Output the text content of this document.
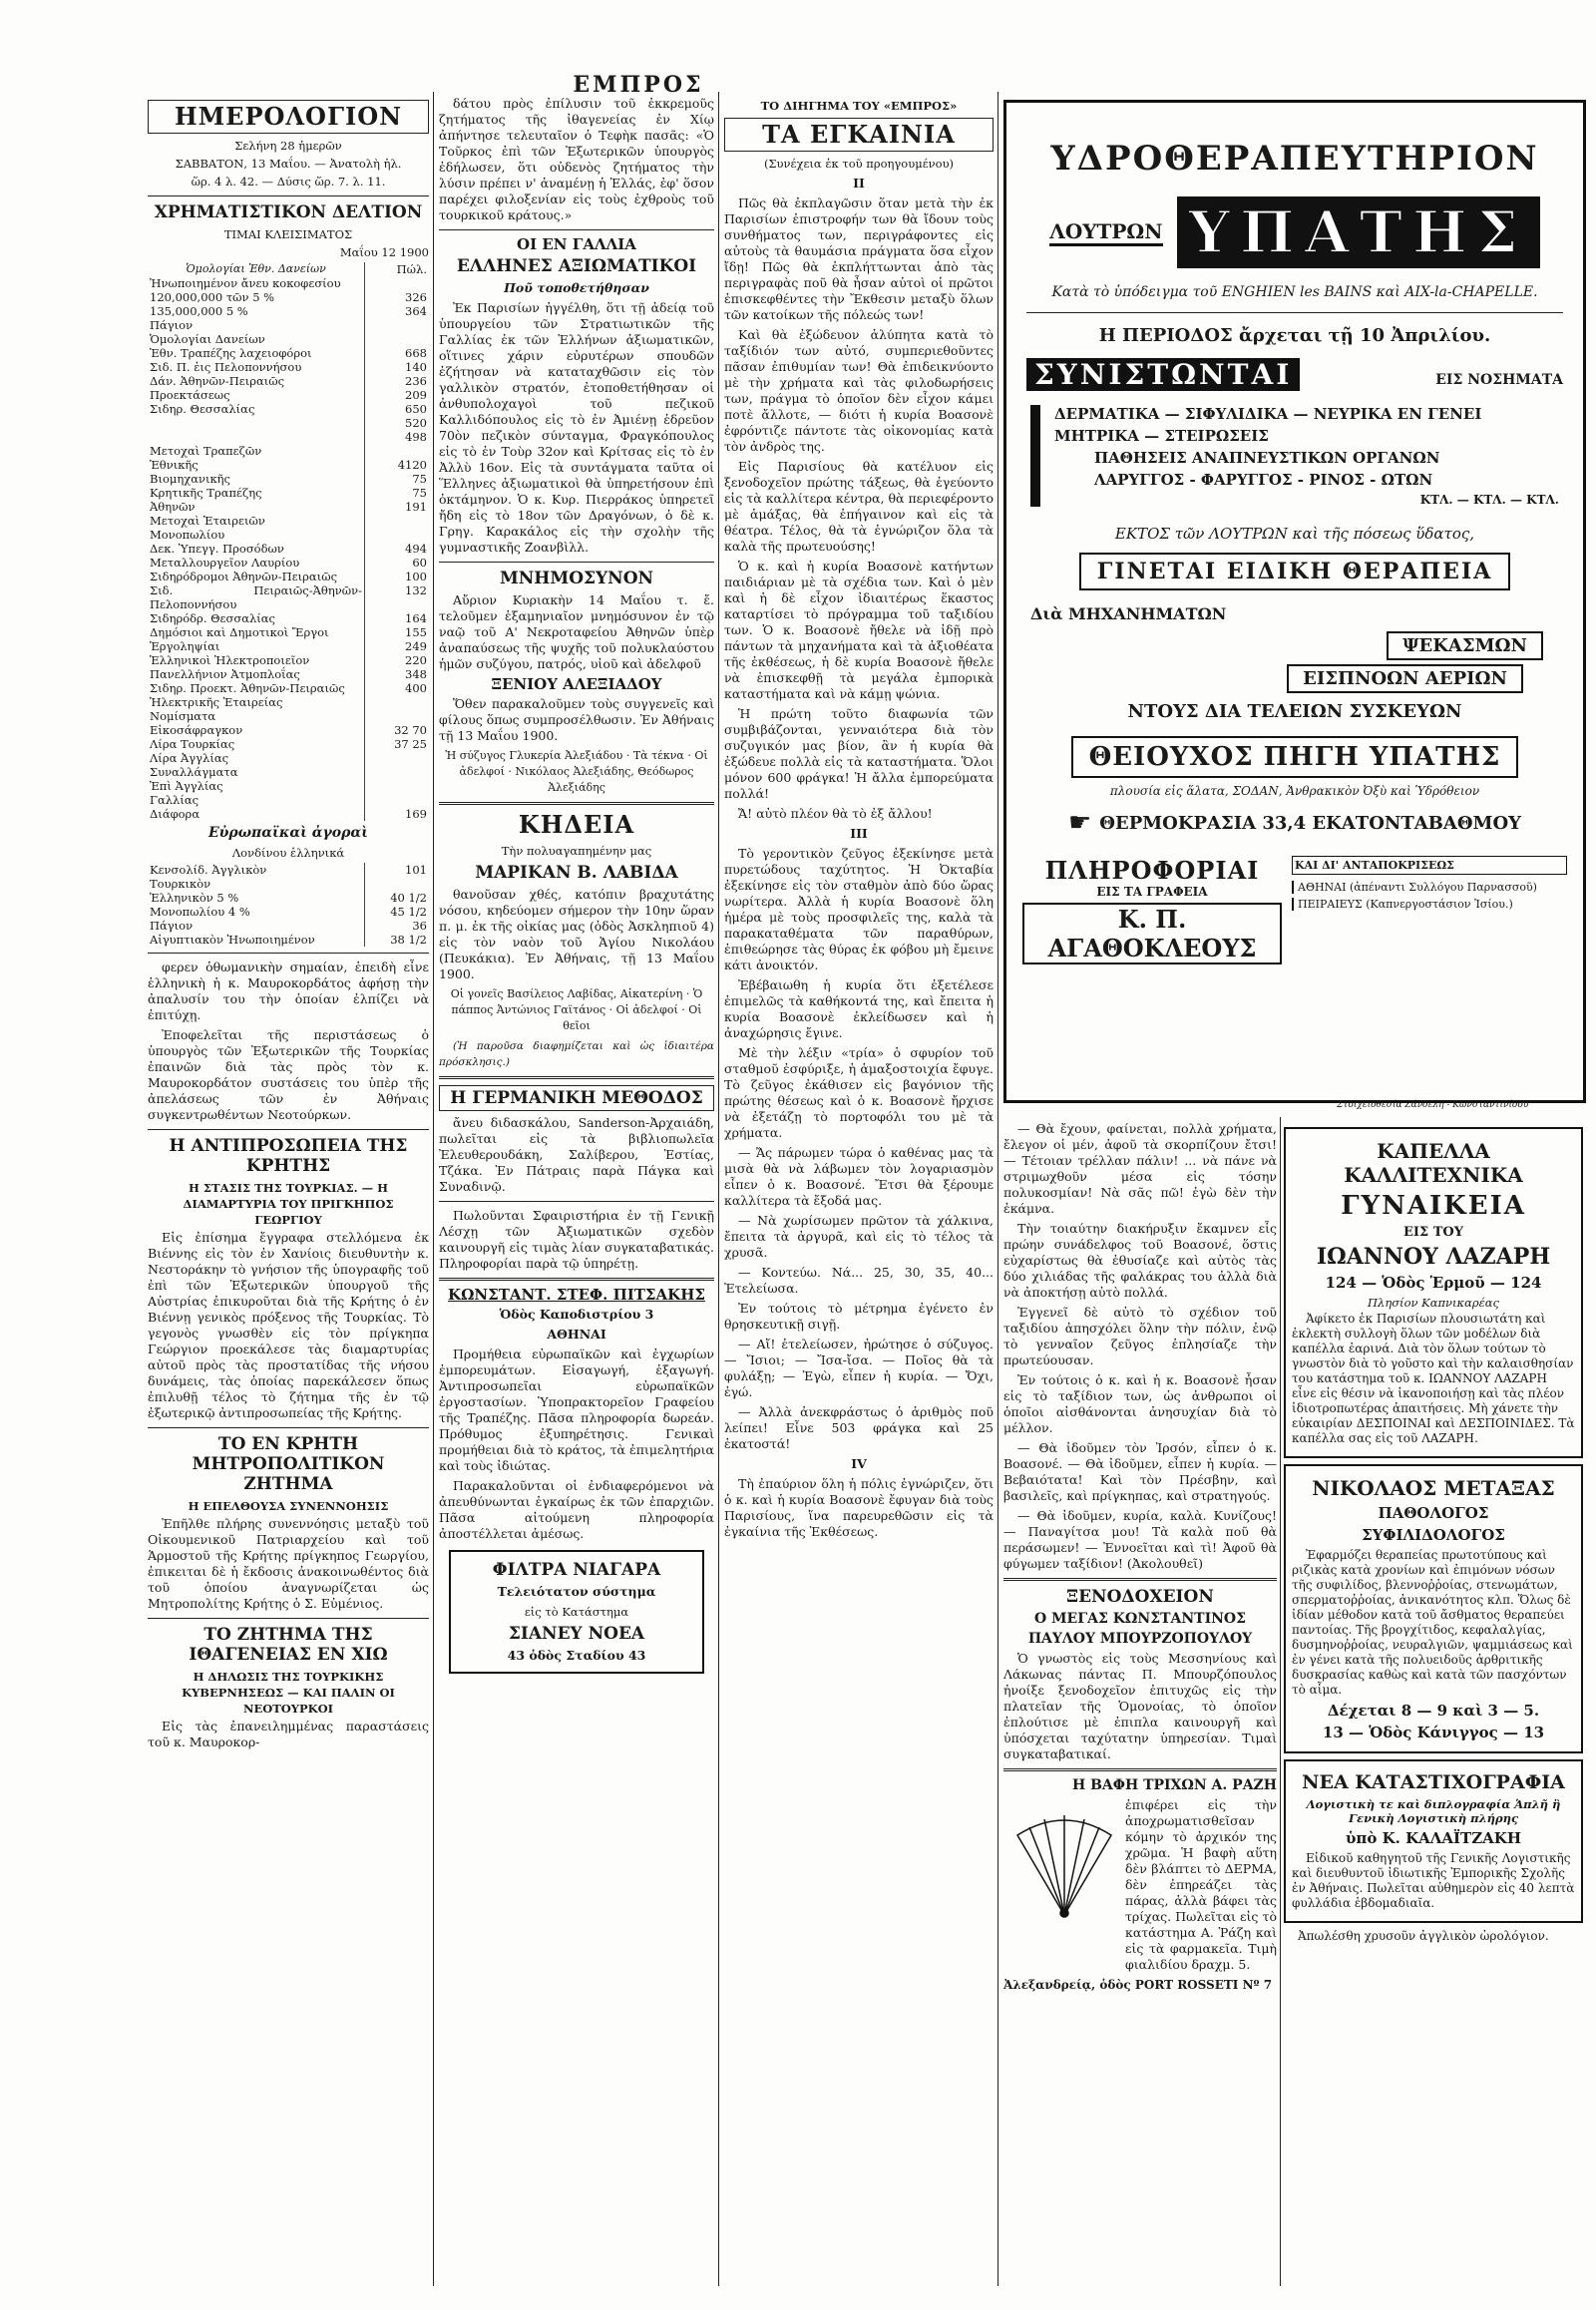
ΕΜΠΡΟΣ
ΗΜΕΡΟΛΟΓΙΟΝ
Σελήνη 28 ἡμερῶν
ΣΑΒΒΑΤΟΝ, 13 Μαΐου. — Ἀνατολὴ ἡλ.
ὥρ. 4 λ. 42. — Δύσις ὥρ. 7. λ. 11.
ΧΡΗΜΑΤΙΣΤΙΚΟΝ ΔΕΛΤΙΟΝ
ΤΙΜΑΙ ΚΛΕΙΣΙΜΑΤΟΣ
Μαΐου 12 1900
Ὁμολογίαι Ἐθν. Δανείων	Πώλ.
Ἠνωποιημένον ἄνευ κοκοφεσίου	
120,000,000 τῶν 5 %	326
135,000,000 5 %	364
Πάγιον	
Ὁμολογίαι Δανείων	
Ἐθν. Τραπέζης λαχειοφόροι	668
Σιδ. Π. ἐις Πελοποννήσου	140
Δάν. Ἀθηνῶν-Πειραιῶς	236
Προεκτάσεως	209
Σιδηρ. Θεσσαλίας	650
	520
	498
Μετοχαὶ Τραπεζῶν	
Ἐθνικῆς	4120
Βιομηχανικῆς	75
Κρητικῆς Τραπέζης	75
Ἀθηνῶν	191
Μετοχαὶ Ἑταιρειῶν	
Μονοπωλίου	
Δεκ. Ὑπεγγ. Προσόδων	494
Μεταλλουργεῖον Λαυρίου	60
Σιδηρόδρομοι Ἀθηνῶν-Πειραιῶς	100
Σιδ. Πειραιῶς-Ἀθηνῶν-Πελοποννήσου	132
Σιδηρόδρ. Θεσσαλίας	164
Δημόσιοι καὶ Δημοτικοὶ Ἔργοι	155
Ἐργοληψίαι	249
Ἑλληνικοὶ Ἠλεκτροποιεῖον	220
Πανελλήνιον Ἀτμοπλοΐας	348
Σιδηρ. Προεκτ. Ἀθηνῶν-Πειραιῶς	400
Ἠλεκτρικῆς Ἑταιρείας	
Νομίσματα	
Εἰκοσάφραγκον	32 70
Λίρα Τουρκίας	37 25
Λίρα Ἀγγλίας	
Συναλλάγματα	
Ἐπὶ Ἀγγλίας	
Γαλλίας	
Διάφορα	169
Εὐρωπαϊκαὶ ἀγοραὶ
Λονδίνου ἑλληνικά
Κενσολίδ. Ἀγγλικὸν	101
Τουρκικὸν	
Ἑλληνικὸν 5 %	40 1/2
Μονοπωλίου 4 %	45 1/2
Πάγιον	36
Αἰγυπτιακὸν Ἠνωποιημένον	38 1/2

φερεν ὁθωμανικὴν σημαίαν, ἐπειδὴ εἶνε ἑλληνικὴ ἡ κ. Μαυροκορδάτος ἀφήσῃ τὴν ἀπαλυσίν του τὴν ὁποίαν ἐλπίζει νὰ ἐπιτύχῃ.

Ἐποφελεῖται τῆς περιστάσεως ὁ ὑπουργὸς τῶν Ἐξωτερικῶν τῆς Τουρκίας ἐπαινῶν διὰ τὰς πρὸς τὸν κ. Μαυροκορδάτον συστάσεις του ὑπὲρ τῆς ἀπελάσεως τῶν ἐν Ἀθήναις συγκεντρωθέντων Νεοτούρκων.

Η ΑΝΤΙΠΡΟΣΩΠΕΙΑ ΤΗΣ ΚΡΗΤΗΣ
Η ΣΤΑΣΙΣ ΤΗΣ ΤΟΥΡΚΙΑΣ. — Η ΔΙΑΜΑΡΤΥΡΙΑ ΤΟΥ ΠΡΙΓΚΗΠΟΣ ΓΕΩΡΓΙΟΥ

Εἰς ἐπίσημα ἔγγραφα στελλόμενα ἐκ Βιέννης εἰς τὸν ἐν Χανίοις διευθυντὴν κ. Νεστοράκην τὸ γνήσιον τῆς ὑπογραφῆς τοῦ ἐπὶ τῶν Ἐξωτερικῶν ὑπουργοῦ τῆς Αὐστρίας ἐπικυροῦται διὰ τῆς Κρήτης ὁ ἐν Βιέννῃ γενικὸς πρόξενος τῆς Τουρκίας. Τὸ γεγονὸς γνωσθὲν εἰς τὸν πρίγκηπα Γεώργιον προεκάλεσε τὰς διαμαρτυρίας αὐτοῦ πρὸς τὰς προστατίδας τῆς νήσου δυνάμεις, τὰς ὁποίας παρεκάλεσεν ὅπως ἐπιλυθῇ τέλος τὸ ζήτημα τῆς ἐν τῷ ἐξωτερικῷ ἀντιπροσωπείας τῆς Κρήτης.

ΤΟ ΕΝ ΚΡΗΤΗ ΜΗΤΡΟΠΟΛΙΤΙΚΟΝ ΖΗΤΗΜΑ
Η ΕΠΕΛΘΟΥΣΑ ΣΥΝΕΝΝΟΗΣΙΣ

Ἐπῆλθε πλήρης συνεννόησις μεταξὺ τοῦ Οἰκουμενικοῦ Πατριαρχείου καὶ τοῦ Ἁρμοστοῦ τῆς Κρήτης πρίγκηπος Γεωργίου, ἐπικειται δὲ ἡ ἔκδοσις ἀνακοινωθέντος διὰ τοῦ ὁποίου ἀναγνωρίζεται ὡς Μητροπολίτης Κρήτης ὁ Σ. Εὐμένιος.

ΤΟ ΖΗΤΗΜΑ ΤΗΣ ΙΘΑΓΕΝΕΙΑΣ ΕΝ ΧΙΩ
Η ΔΗΛΩΣΙΣ ΤΗΣ ΤΟΥΡΚΙΚΗΣ ΚΥΒΕΡΝΗΣΕΩΣ — ΚΑΙ ΠΑΛΙΝ ΟΙ ΝΕΟΤΟΥΡΚΟΙ

Εἰς τὰς ἐπανειλημμένας παραστάσεις τοῦ κ. Μαυροκορ-

δάτου πρὸς ἐπίλυσιν τοῦ ἐκκρεμοῦς ζητήματος τῆς ἰθαγενείας ἐν Χίῳ ἀπήντησε τελευταῖον ὁ Τεφὴκ πασᾶς: «Ὁ Τοῦρκος ἐπὶ τῶν Ἐξωτερικῶν ὑπουργὸς ἐδήλωσεν, ὅτι οὐδενὸς ζητήματος τὴν λύσιν πρέπει ν' ἀναμένῃ ἡ Ἑλλάς, ἐφ' ὅσον παρέχει φιλοξενίαν εἰς τοὺς ἐχθροὺς τοῦ τουρκικοῦ κράτους.»

ΟΙ ΕΝ ΓΑΛΛΙΑ
ΕΛΛΗΝΕΣ ΑΞΙΩΜΑΤΙΚΟΙ
Ποῦ τοποθετήθησαν

Ἐκ Παρισίων ἠγγέλθη, ὅτι τῇ ἀδείᾳ τοῦ ὑπουργείου τῶν Στρατιωτικῶν τῆς Γαλλίας ἐκ τῶν Ἑλλήνων ἀξιωματικῶν, οἵτινες χάριν εὐρυτέρων σπουδῶν ἐζήτησαν νὰ καταταχθῶσιν εἰς τὸν γαλλικὸν στρατόν, ἐτοποθετήθησαν οἱ ἀνθυπολοχαγοὶ τοῦ πεζικοῦ Καλλιδόπουλος εἰς τὸ ἐν Ἀμιένῃ ἑδρεῦον 70ὸν πεζικὸν σύνταγμα, Φραγκόπουλος εἰς τὸ ἐν Τοὺρ 32ον καὶ Κρίτσας εἰς τὸ ἐν Ἀλλὺ 16ον. Εἰς τὰ συντάγματα ταῦτα οἱ Ἕλληνες ἀξιωματικοὶ θὰ ὑπηρετήσουν ἐπὶ ὀκτάμηνον. Ὁ κ. Κυρ. Πιερράκος ὑπηρετεῖ ἤδη εἰς τὸ 18ον τῶν Δραγόνων, ὁ δὲ κ. Γρηγ. Καρακάλος εἰς τὴν σχολὴν τῆς γυμναστικῆς Ζοανβὶλλ.

ΜΝΗΜΟΣΥΝΟΝ

Αὔριον Κυριακὴν 14 Μαΐου τ. ἔ. τελοῦμεν ἑξαμηνιαῖον μνημόσυνον ἐν τῷ ναῷ τοῦ Α' Νεκροταφείου Ἀθηνῶν ὑπὲρ ἀναπαύσεως τῆς ψυχῆς τοῦ πολυκλαύστου ἡμῶν συζύγου, πατρός, υἱοῦ καὶ ἀδελφοῦ

ΞΕΝΙΟΥ ΑΛΕΞΙΑΔΟΥ

Ὅθεν παρακαλοῦμεν τοὺς συγγενεῖς καὶ φίλους ὅπως συμπροσέλθωσιν. Ἐν Ἀθήναις τῇ 13 Μαΐου 1900.

Ἡ σύζυγος Γλυκερία Ἀλεξιάδου · Τὰ τέκνα · Οἱ ἀδελφοί · Νικόλαος Ἀλεξιάδης, Θεόδωρος Ἀλεξιάδης

ΚΗΔΕΙΑ
Τὴν πολυαγαπημένην μας
ΜΑΡΙΚΑΝ Β. ΛΑΒΙΔΑ

θανοῦσαν χθές, κατόπιν βραχυτάτης νόσου, κηδεύομεν σήμερον τὴν 10ην ὥραν π. μ. ἐκ τῆς οἰκίας μας (ὁδὸς Ἀσκληπιοῦ 4) εἰς τὸν ναὸν τοῦ Ἁγίου Νικολάου (Πευκάκια). Ἐν Ἀθήναις, τῇ 13 Μαΐου 1900.

Οἱ γονεῖς Βασίλειος Λαβίδας, Αἰκατερίνη · Ὁ πάππος Ἀντώνιος Γαϊτάνος · Οἱ ἀδελφοί · Οἱ θεῖοι

(Ἡ παροῦσα διαφημίζεται καὶ ὡς ἰδιαιτέρα πρόσκλησις.)

Η ΓΕΡΜΑΝΙΚΗ ΜΕΘΟΔΟΣ

ἄνευ διδασκάλου, Sanderson-Ἀρχαιάδη, πωλεῖται εἰς τὰ βιβλιοπωλεῖα Ἐλευθερουδάκη, Σαλίβερου, Ἑστίας, Τζάκα. Ἐν Πάτραις παρὰ Πάγκα καὶ Συναδινῷ.

Πωλοῦνται Σφαιριστήρια ἐν τῇ Γενικῇ Λέσχῃ τῶν Ἀξιωματικῶν σχεδὸν καινουργῆ εἰς τιμὰς λίαν συγκαταβατικάς. Πληροφορίαι παρὰ τῷ ὑπηρέτῃ.

ΚΩΝΣΤΑΝΤ. ΣΤΕΦ. ΠΙΤΣΑΚΗΣ
Ὁδὸς Καποδιστρίου 3
ΑΘΗΝΑΙ

Προμήθεια εὐρωπαϊκῶν καὶ ἐγχωρίων ἐμπορευμάτων. Εἰσαγωγή, ἐξαγωγή. Ἀντιπροσωπεῖαι εὐρωπαϊκῶν ἐργοστασίων. Ὑποπρακτορεῖον Γραφείου τῆς Τραπέζης. Πᾶσα πληροφορία δωρεάν. Πρόθυμος ἐξυπηρέτησις. Γενικαὶ προμήθειαι διὰ τὸ κράτος, τὰ ἐπιμελητήρια καὶ τοὺς ἰδιώτας.

Παρακαλοῦνται οἱ ἐνδιαφερόμενοι νὰ ἀπευθύνωνται ἐγκαίρως ἐκ τῶν ἐπαρχιῶν. Πᾶσα αἰτούμενη πληροφορία ἀποστέλλεται ἀμέσως.

ΦΙΛΤΡΑ ΝΙΑΓΑΡΑ
Τελειότατον σύστημα
εἰς τὸ Κατάστημα
ΣΙΑΝΕΥ ΝΟΕΑ
43 ὁδὸς Σταδίου 43
ΤΟ ΔΙΗΓΗΜΑ ΤΟΥ «ΕΜΠΡΟΣ»
ΤΑ ΕΓΚΑΙΝΙΑ
(Συνέχεια ἐκ τοῦ προηγουμένου)
ΙΙ

Πῶς θὰ ἐκπλαγῶσιν ὅταν μετὰ τὴν ἐκ Παρισίων ἐπιστροφήν των θὰ ἴδουν τοὺς συνθήματος των, περιγράφοντες εἰς αὐτοὺς τὰ θαυμάσια πράγματα ὅσα εἶχον ἴδῃ! Πῶς θὰ ἐκπλήττωνται ἀπὸ τὰς περιγραφὰς ποῦ θὰ ἦσαν αὐτοὶ οἱ πρῶτοι ἐπισκεφθέντες τὴν Ἔκθεσιν μεταξὺ ὅλων τῶν κατοίκων τῆς πόλεώς των!

Καὶ θὰ ἐξώδευον ἀλύπητα κατὰ τὸ ταξίδιόν των αὐτό, συμπεριεθοῦντες πᾶσαν ἐπιθυμίαν των! Θὰ ἐπιδεικνύοντο μὲ τὴν χρήματα καὶ τὰς φιλοδωρήσεις των, πράγμα τὸ ὁποῖον δὲν εἶχον κάμει ποτὲ ἄλλοτε, — διότι ἡ κυρία Βοασονὲ ἐφρόντιζε πάντοτε τὰς οἰκονομίας κατὰ τὸν ἀνδρὸς της.

Εἰς Παρισίους θὰ κατέλυον εἰς ξενοδοχεῖον πρώτης τάξεως, θὰ ἐγεύοντο εἰς τὰ καλλίτερα κέντρα, θὰ περιεφέροντο μὲ ἁμάξας, θὰ ἐπήγαινον καὶ εἰς τὰ θέατρα. Τέλος, θὰ τὰ ἐγνώριζον ὅλα τὰ καλὰ τῆς πρωτευούσης!

Ὁ κ. καὶ ἡ κυρία Βοασονὲ κατήντων παιδιάριαν μὲ τὰ σχέδια των. Καὶ ὁ μὲν καὶ ἡ δὲ εἶχον ἰδιαιτέρως ἕκαστος καταρτίσει τὸ πρόγραμμα τοῦ ταξιδίου των. Ὁ κ. Βοασονὲ ἤθελε νὰ ἰδῇ πρὸ πάντων τὰ μηχανήματα καὶ τὰ ἀξιοθέατα τῆς ἐκθέσεως, ἡ δὲ κυρία Βοασονὲ ἤθελε νὰ ἐπισκεφθῇ τὰ μεγάλα ἐμπορικὰ καταστήματα καὶ νὰ κάμῃ ψώνια.

Ἡ πρώτη τοῦτο διαφωνία τῶν συμβιβάζονται, γενναιότερα διὰ τὸν συζυγικόν μας βίον, ἂν ἡ κυρία θὰ ἐξώδευε πολλὰ εἰς τὰ καταστήματα. Ὅλοι μόνον 600 φράγκα! Ἡ ἄλλα ἐμπορεύματα πολλά!

Ἄ! αὐτὸ πλέον θὰ τὸ ἐξ ἄλλου!

ΙΙΙ

Τὸ γεροντικὸν ζεῦγος ἐξεκίνησε μετὰ πυρετώδους ταχύτητος. Ἡ Ὀκταβία ἐξεκίνησε εἰς τὸν σταθμὸν ἀπὸ δύο ὥρας νωρίτερα. Ἀλλὰ ἡ κυρία Βοασονὲ ὅλη ἡμέρα μὲ τοὺς προσφιλεῖς της, καλὰ τὰ παρακαταθέματα τῶν παραθύρων, ἐπιθεώρησε τὰς θύρας ἐκ φόβου μὴ ἔμεινε κάτι ἀνοικτόν.

Ἐβέβαιωθη ἡ κυρία ὅτι ἐξετέλεσε ἐπιμελῶς τὰ καθήκοντά της, καὶ ἔπειτα ἡ κυρία Βοασονὲ ἐκλείδωσεν καὶ ἡ ἀναχώρησις ἔγινε.

Μὲ τὴν λέξιν «τρία» ὁ σφυρίον τοῦ σταθμοῦ ἐσφύριξε, ἡ ἁμαξοστοιχία ἔφυγε. Τὸ ζεῦγος ἐκάθισεν εἰς βαγόνιον τῆς πρώτης θέσεως καὶ ὁ κ. Βοασονὲ ἤρχισε νὰ ἐξετάζῃ τὸ πορτοφόλι του μὲ τὰ χρήματα.

— Ἄς πάρωμεν τώρα ὁ καθένας μας τὰ μισὰ θὰ νὰ λάβωμεν τὸν λογαριασμὸν εἶπεν ὁ κ. Βοασονέ. Ἔτσι θὰ ξέρουμε καλλίτερα τὰ ἔξοδά μας.

— Νὰ χωρίσωμεν πρῶτον τὰ χάλκινα, ἔπειτα τὰ ἀργυρᾶ, καὶ εἰς τὸ τέλος τὰ χρυσᾶ.

— Κοντεύω. Νά... 25, 30, 35, 40... Ἐτελείωσα.

Ἐν τούτοις τὸ μέτρημα ἐγένετο ἐν θρησκευτικῇ σιγῇ.

— Αἴ! ἐτελείωσεν, ἠρώτησε ὁ σύζυγος. — Ἴσιοι; — Ἴσα-ἴσα. — Ποῖος θὰ τὰ φυλάξῃ; — Ἐγὼ, εἶπεν ἡ κυρία. — Ὄχι, ἐγώ.

— Ἀλλὰ ἀνεκφράστως ὁ ἀριθμὸς ποῦ λείπει! Εἶνε 503 φράγκα καὶ 25 ἑκατοστά!

IV

Τὴ ἐπαύριον ὅλη ἡ πόλις ἐγνώριζεν, ὅτι ὁ κ. καὶ ἡ κυρία Βοασονὲ ἔφυγαν διὰ τοὺς Παρισίους, ἵνα παρευρεθῶσιν εἰς τὰ ἐγκαίνια τῆς Ἐκθέσεως.

ΥΔΡΟΘΕΡΑΠΕΥΤΗΡΙΟΝ
ΛΟΥΤΡΩΝ ΥΠΑΤΗΣ
Κατὰ τὸ ὑπόδειγμα τοῦ ENGHIEN les BAINS καὶ AIX-la-CHAPELLE.
Η ΠΕΡΙΟΔΟΣ ἄρχεται τῇ 10 Ἀπριλίου.
ΣΥΝΙΣΤΩΝΤΑΙ	ΕΙΣ ΝΟΣΗΜΑΤΑ
ΔΕΡΜΑΤΙΚΑ — ΣΙΦΥΛΙΔΙΚΑ — ΝΕΥΡΙΚΑ ΕΝ ΓΕΝΕΙ
ΜΗΤΡΙΚΑ — ΣΤΕΙΡΩΣΕΙΣ
ΠΑΘΗΣΕΙΣ ΑΝΑΠΝΕΥΣΤΙΚΩΝ ΟΡΓΑΝΩΝ
ΛΑΡΥΓΓΟΣ - ΦΑΡΥΓΓΟΣ - ΡΙΝΟΣ - ΩΤΩΝ
ΚΤΛ. — ΚΤΛ. — ΚΤΛ.
ΕΚΤΟΣ τῶν ΛΟΥΤΡΩΝ καὶ τῆς πόσεως ὕδατος,
ΓΙΝΕΤΑΙ ΕΙΔΙΚΗ ΘΕΡΑΠΕΙΑ
Διὰ ΜΗΧΑΝΗΜΑΤΩΝ
ΨΕΚΑΣΜΩΝ
ΕΙΣΠΝΟΩΝ ΑΕΡΙΩΝ
ΝΤΟΥΣ ΔΙΑ ΤΕΛΕΙΩΝ ΣΥΣΚΕΥΩΝ
ΘΕΙΟΥΧΟΣ ΠΗΓΗ ΥΠΑΤΗΣ
πλουσία εἰς ἅλατα, ΣΟΔΑΝ, Ἀνθρακικὸν Ὀξὺ καὶ Ὑδρόθειον
☛ ΘΕΡΜΟΚΡΑΣΙΑ 33,4 ΕΚΑΤΟΝΤΑΒΑΘΜΟΥ
ΠΛΗΡΟΦΟΡΙΑΙ
ΕΙΣ ΤΑ ΓΡΑΦΕΙΑ
Κ. Π. ΑΓΑΘΟΚΛΕΟΥΣ
ΚΑΙ ΔΙ' ΑΝΤΑΠΟΚΡΙΣΕΩΣ
ΑΘΗΝΑΙ (ἀπέναντι Συλλόγου Παρνασσοῦ)
ΠΕΙΡΑΙΕΥΣ (Καπνεργοστάσιον Ἰσίου.)
Στοιχειοθεσία Ζάνδελη - Κωνσταντινίδου

— Θὰ ἔχουν, φαίνεται, πολλὰ χρήματα, ἔλεγον οἱ μέν, ἀφοῦ τὰ σκορπίζουν ἔτσι! — Τέτοιαν τρέλλαν πάλιν! ... νὰ πάνε νὰ στριμωχθοῦν μέσα εἰς τόσην πολυκοσμίαν! Νὰ σᾶς πῶ! ἐγὼ δὲν τὴν ἐκάμνα.

Τὴν τοιαύτην διακήρυξιν ἔκαμνεν εἷς πρώην συνάδελφος τοῦ Βοασονέ, ὅστις εὐχαρίστως θὰ ἐθυσίαζε καὶ αὐτὸς τὰς δύο χιλιάδας τῆς φαλάκρας του ἀλλὰ διὰ νὰ ἀποκτήσῃ αὐτὸ πολλά.

Ἐγγενεῖ δὲ αὐτὸ τὸ σχέδιον τοῦ ταξιδίου ἀπησχόλει ὅλην τὴν πόλιν, ἐνῷ τὸ γενναῖον ζεῦγος ἐπλησίαζε τὴν πρωτεύουσαν.

Ἐν τούτοις ὁ κ. καὶ ἡ κ. Βοασονὲ ἦσαν εἰς τὸ ταξίδιον των, ὡς ἀνθρωποι οἱ ὁποῖοι αἰσθάνονται ἀνησυχίαν διὰ τὸ μέλλον.

— Θὰ ἰδοῦμεν τὸν Ἰρσόν, εἶπεν ὁ κ. Βοασονέ. — Θὰ ἰδοῦμεν, εἶπεν ἡ κυρία. — Βεβαιότατα! Καὶ τὸν Πρέσβην, καὶ βασιλεῖς, καὶ πρίγκηπας, καὶ στρατηγούς.

— Θὰ ἰδοῦμεν, κυρία, καλὰ. Κυνίζους! — Παναγίτσα μου! Τὰ καλὰ ποῦ θὰ περάσωμεν! — Ἐννοεῖται καὶ τὶ! Ἀφοῦ θὰ φύγωμεν ταξίδιον! (Ἀκολουθεῖ)

ΞΕΝΟΔΟΧΕΙΟΝ
Ο ΜΕΓΑΣ ΚΩΝΣΤΑΝΤΙΝΟΣ
ΠΑΥΛΟΥ ΜΠΟΥΡΖΟΠΟΥΛΟΥ

Ὁ γνωστὸς εἰς τοὺς Μεσσηνίους καὶ Λάκωνας πάντας Π. Μπουρζόπουλος ἠνοίξε ξενοδοχεῖον ἐπιτυχῶς εἰς τὴν πλατεῖαν τῆς Ὁμονοίας, τὸ ὁποῖον ἐπλούτισε μὲ ἐπιπλα καινουργῆ καὶ ὑπόσχεται ταχύτατην ὑπηρεσίαν. Τιμαὶ συγκαταβατικαί.

Η ΒΑΦΗ ΤΡΙΧΩΝ Α. ΡΑΖΗ

ἐπιφέρει εἰς τὴν ἀποχρωματισθεῖσαν κόμην τὸ ἀρχικόν της χρῶμα. Ἡ βαφὴ αὕτη δὲν βλάπτει τὸ ΔΕΡΜΑ, δὲν ἐπηρεάζει τὰς πάρας, ἀλλὰ βάφει τὰς τρίχας. Πωλεῖται εἰς τὸ κατάστημα Α. Ῥάζη καὶ εἰς τὰ φαρμακεῖα. Τιμὴ φιαλιδίου δραχμ. 5.

Ἀλεξανδρείᾳ, ὁδὸς PORT ROSSETI Nº 7
ΚΑΠΕΛΛΑ ΚΑΛΛΙΤΕΧΝΙΚΑ
ΓΥΝΑΙΚΕΙΑ
ΕΙΣ ΤΟΥ
ΙΩΑΝΝΟΥ ΛΑΖΑΡΗ
124 — Ὁδὸς Ἑρμοῦ — 124
Πλησίον Καπνικαρέας

Ἀφίκετο ἐκ Παρισίων πλουσιωτάτη καὶ ἐκλεκτὴ συλλογὴ ὅλων τῶν μοδέλων διὰ καπέλλα ἐαρινά. Διὰ τὸν ὅλων τούτων τὸ γνωστὸν διὰ τὸ γοῦστο καὶ τὴν καλαισθησίαν του κατάστημα τοῦ κ. ΙΩΑΝΝΟΥ ΛΑΖΑΡΗ εἶνε εἰς θέσιν νὰ ἱκανοποιήσῃ καὶ τὰς πλέον ἰδιοτροπωτέρας ἀπαιτήσεις. Μὴ χάνετε τὴν εὐκαιρίαν ΔΕΣΠΟΙΝΑΙ καὶ ΔΕΣΠΟΙΝΙΔΕΣ. Τὰ καπέλλα σας εἰς τοῦ ΛΑΖΑΡΗ.

ΝΙΚΟΛΑΟΣ ΜΕΤΑΞΑΣ
ΠΑΘΟΛΟΓΟΣ
ΣΥΦΙΛΙΔΟΛΟΓΟΣ

Ἐφαρμόζει θεραπείας πρωτοτύπους καὶ ριζικὰς κατὰ χρονίων καὶ ἐπιμόνων νόσων τῆς συφιλίδος, βλεννοῤῥοίας, στενωμάτων, σπερματοῤῥοίας, ἀνικανότητος κλπ. Ὅλως δὲ ἰδίαν μέθοδον κατὰ τοῦ ἄσθματος θεραπεύει παντοίας. Τῆς βρογχίτιδος, κεφαλαλγίας, δυσμηνοῤῥοίας, νευραλγιῶν, ψαμμιάσεως καὶ ἐν γένει κατὰ τῆς πολυειδοῦς ἀρθριτικῆς δυσκρασίας καθὼς καὶ κατὰ τῶν πασχόντων τὸ αἷμα.

Δέχεται 8 — 9 καὶ 3 — 5.
13 — Ὁδὸς Κάνιγγος — 13
ΝΕΑ ΚΑΤΑΣΤΙΧΟΓΡΑΦΙΑ
Λογιστικὴ τε καὶ διπλογραφία Ἁπλῆ ἢ Γενικὴ Λογιστικὴ πλήρης
ὑπὸ Κ. ΚΑΛΑΪΤΖΑΚΗ

Εἰδικοῦ καθηγητοῦ τῆς Γενικῆς Λογιστικῆς καὶ διευθυντοῦ ἰδιωτικῆς Ἐμπορικῆς Σχολῆς ἐν Ἀθήναις. Πωλεῖται αὐθημερὸν εἰς 40 λεπτὰ φυλλάδια ἑβδομαδιαῖα.

Ἀπωλέσθη χρυσοῦν ἀγγλικὸν ὡρολόγιον.
